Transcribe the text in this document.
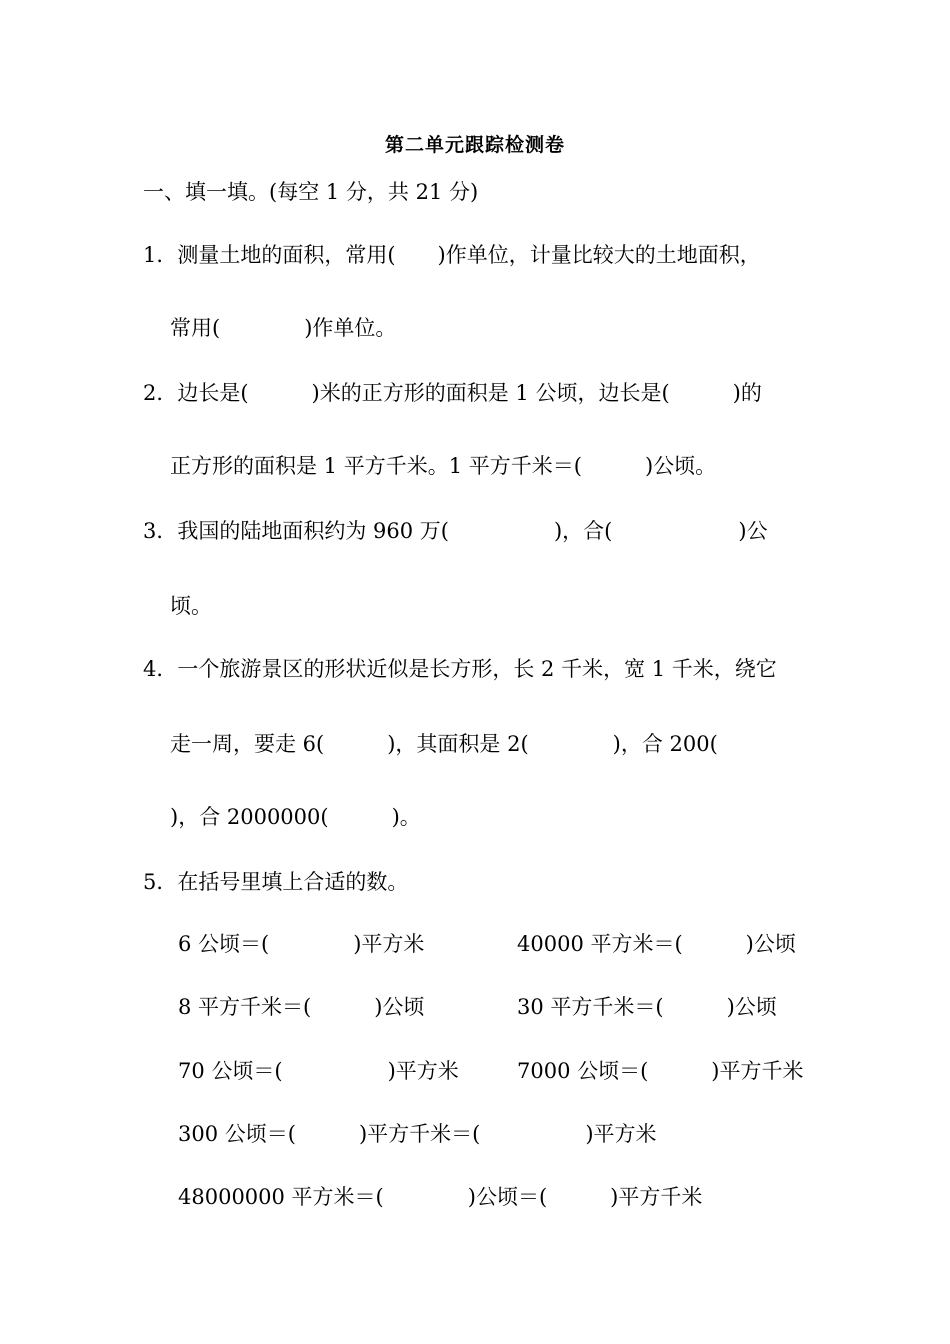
第二单元跟踪检测卷
一、填一填。(每空 1 分，共 21 分)
1．测量土地的面积，常用(　　)作单位，计量比较大的土地面积，
常用(　　　　)作单位。
2．边长是(　　　)米的正方形的面积是 1 公顷，边长是(　　　)的
正方形的面积是 1 平方千米。1 平方千米＝(　　　)公顷。
3．我国的陆地面积约为 960 万(　　　　　)，合(　　　　　　)公
顷。
4．一个旅游景区的形状近似是长方形，长 2 千米，宽 1 千米，绕它
走一周，要走 6(　　　)，其面积是 2(　　　　)，合 200(
)，合 2000000(　　　)。
5．在括号里填上合适的数。
6 公顷＝(　　　　)平方米	40000 平方米＝(　　　)公顷
8 平方千米＝(　　　)公顷	30 平方千米＝(　　　)公顷
70 公顷＝(　　　　　)平方米	7000 公顷＝(　　　)平方千米
300 公顷＝(　　　)平方千米＝(　　　　　)平方米
48000000 平方米＝(　　　　)公顷＝(　　　)平方千米
